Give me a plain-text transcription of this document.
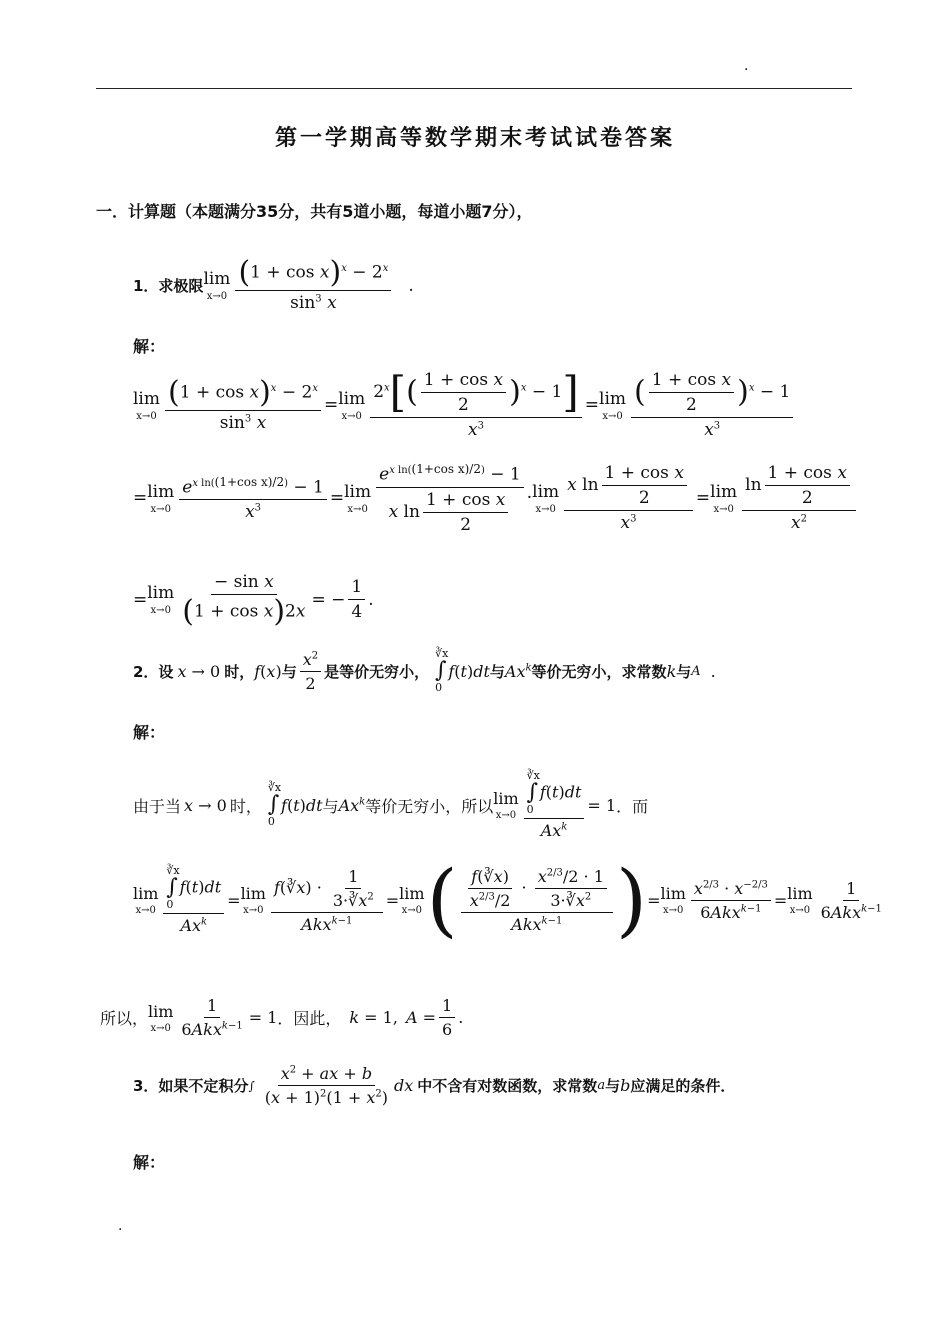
.
第一学期高等数学期末考试试卷答案
一．计算题（本题满分35分，共有5道小题，每道小题7分），
1．求极限 lim
$x\to 0 \frac{(1 + \cos x)^x - 2^x}{\sin^3 x}$ .
解：
lim
$x\to 0 \frac{(1 + \cos x)^x - 2^x}{\sin^3 x} = \lim$
$x\to 0 \frac{2^x[( \frac{\text{1 + cos x}}{2} )^x - 1]}{x^3} = \lim$
$x\to 0 \frac{( \frac{\text{1 + cos x}}{2} )^x - 1}{x^3}$
= lim
$x\to 0 \frac{e^{x ln((1+cos x)/2)} - 1}{x^3} = \lim$
$x\to 0 \frac{e^{x ln((1+cos x)/2)} - 1}{x \ln \frac{\text{1 + cos x}}{2}} \cdot \lim$
$x\to 0 \frac{x \ln \frac{\text{1 + cos x}}{2}}{x^3} = \lim$
$x\to 0 \frac{\ln \frac{\text{1 + cos x}}{2}}{x^2}$
= lim
$x\to 0 \frac{\text{− sin x}}{\text{(1 + cos x)2x}}$ = − $\frac{1}{4}$ .
2．设 x → 0 时， f(x) 与 $\frac{x^2}{2}$ 是等价无穷小，
∛x
∫
0
f(t)dt 与 Ax$^k$ 等价无穷小，求常数 k 与 A .
解：
由于当 x → 0 时，
∛x
∫
0
f(t)dt 与 Ax$^k$ 等价无穷小，所以 lim
x→0 ∛x
∫
0
f(t)dt
$Ax^k = 1$ ．而
lim
x→0 ∛x
∫
0
f(t)dt
$Ax^k = \lim$
$x\to 0 \frac{f(∛x) \cdot \frac{1}{3\cdot∛x^2}}{Akx^{k-1}} = \lim$
x→0 ( $\frac{\frac{f(∛x)}{x^{2/3}/2} \cdot \frac{x^{2/3}/2 \cdot 1}{3\cdot∛x^2}}{Akx^{k-1}}$ ) = lim
$x\to 0 \frac{x^{2/3} \cdot x^{-2/3}}{6Akx^{k-1}} = \lim$
$x\to 0 \frac{1}{6Akx^{k-1}}$
所以， lim
$x\to 0 \frac{1}{6Akx^{k-1}} = 1$ ．因此， k = 1, $A = \frac{1}{6}$ .
3．如果不定积分 ∫ $\frac{x^2 + ax + b}{(x + 1)^2(1 + x^2)}$ dx 中不含有对数函数，求常数 a 与 b 应满足的条件．
解：
.
